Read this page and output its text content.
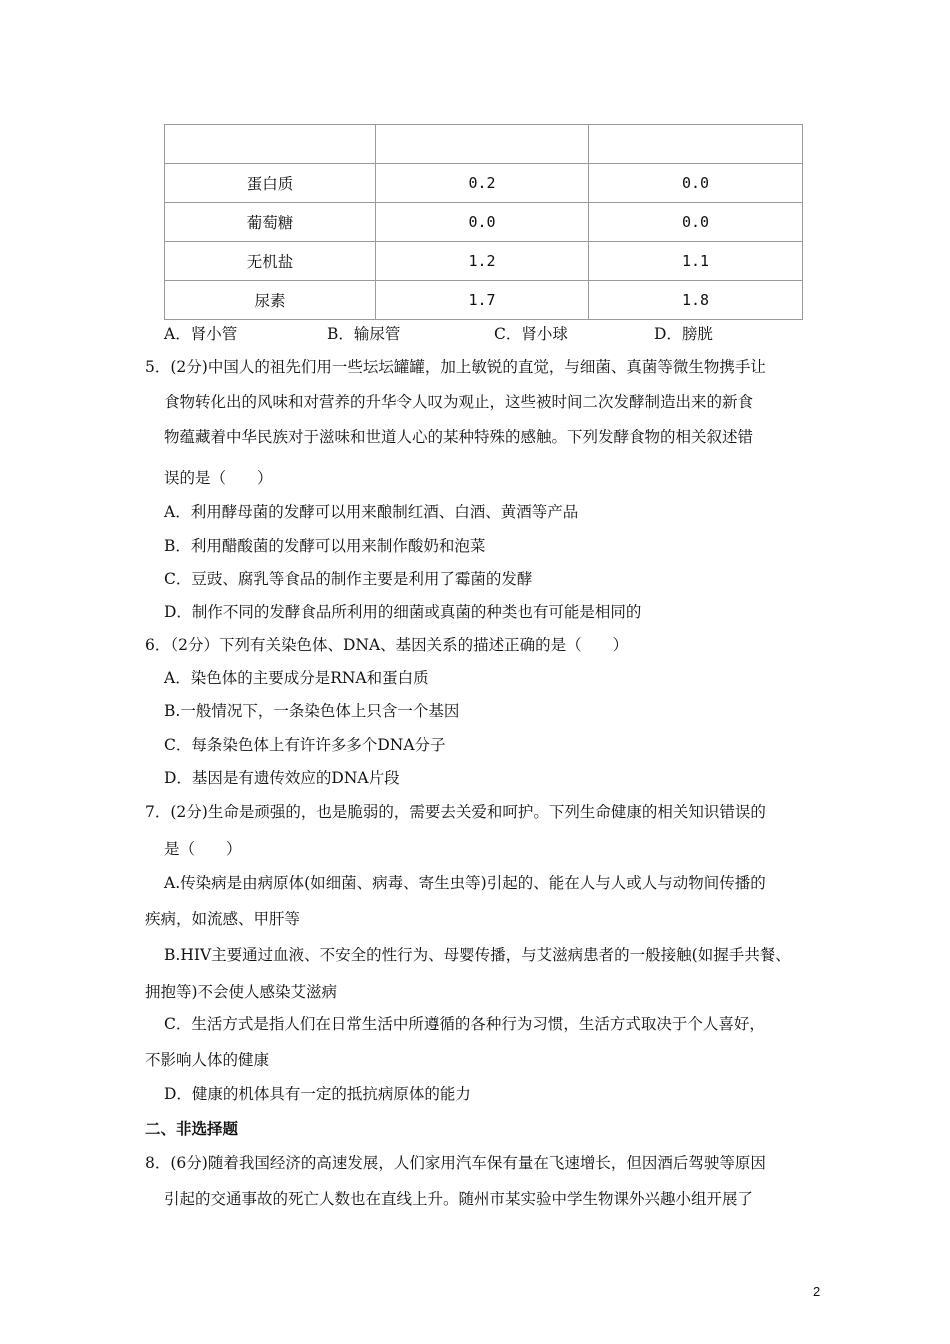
蛋白质	0.2	0.0
葡萄糖	0.0	0.0
无机盐	1.2	1.1
尿素	1.7	1.8
A．肾小管	B．输尿管	C．肾小球	D．膀胱
5．(2分)中国人的祖先们用一些坛坛罐罐，加上敏锐的直觉，与细菌、真菌等微生物携手让
食物转化出的风味和对营养的升华令人叹为观止，这些被时间二次发酵制造出来的新食
物蕴藏着中华民族对于滋味和世道人心的某种特殊的感触。下列发酵食物的相关叙述错
误的是（　　）
A．利用酵母菌的发酵可以用来酿制红酒、白酒、黄酒等产品
B．利用醋酸菌的发酵可以用来制作酸奶和泡菜
C．豆豉、腐乳等食品的制作主要是利用了霉菌的发酵
D．制作不同的发酵食品所利用的细菌或真菌的种类也有可能是相同的
6．（2分）下列有关染色体、DNA、基因关系的描述正确的是（　　）
A．染色体的主要成分是RNA和蛋白质
B.一般情况下，一条染色体上只含一个基因
C．每条染色体上有许许多多个DNA分子
D．基因是有遗传效应的DNA片段
7．(2分)生命是顽强的，也是脆弱的，需要去关爱和呵护。下列生命健康的相关知识错误的
是（　　）
A.传染病是由病原体(如细菌、病毒、寄生虫等)引起的、能在人与人或人与动物间传播的
疾病，如流感、甲肝等
B.HIV主要通过血液、不安全的性行为、母婴传播，与艾滋病患者的一般接触(如握手共餐、
拥抱等)不会使人感染艾滋病
C．生活方式是指人们在日常生活中所遵循的各种行为习惯，生活方式取决于个人喜好，
不影响人体的健康
D．健康的机体具有一定的抵抗病原体的能力
二、非选择题
8．(6分)随着我国经济的高速发展，人们家用汽车保有量在飞速增长，但因酒后驾驶等原因
引起的交通事故的死亡人数也在直线上升。随州市某实验中学生物课外兴趣小组开展了
2
